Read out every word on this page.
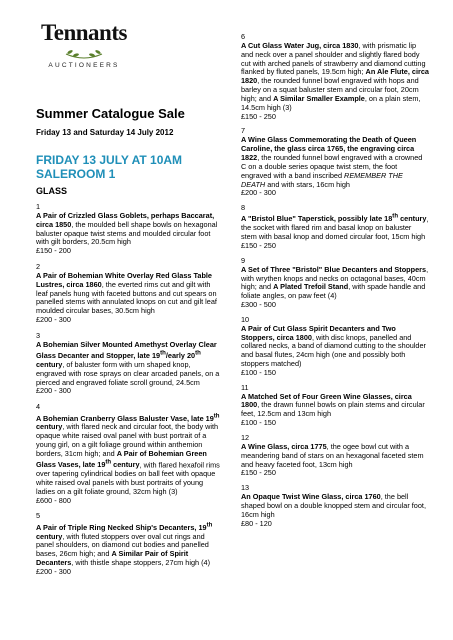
Tennants
AUCTIONEERS
Summer Catalogue Sale
Friday 13 and Saturday 14 July 2012
FRIDAY 13 JULY AT 10AM
SALEROOM 1
GLASS
1
A Pair of Crizzled Glass Goblets, perhaps Baccarat, circa 1850, the moulded bell shape bowls on hexagonal baluster opaque twist stems and moulded circular foot with gilt borders, 20.5cm high
£150 - 200
2
A Pair of Bohemian White Overlay Red Glass Table Lustres, circa 1860, the everted rims cut and gilt with leaf panels hung with faceted buttons and cut spears on panelled stems with annulated knops on cut and gilt leaf moulded circular bases, 30.5cm high
£200 - 300
3
A Bohemian Silver Mounted Amethyst Overlay Clear Glass Decanter and Stopper, late 19th/early 20th century, of baluster form with urn shaped knop, engraved with rose sprays on clear arcaded panels, on a pierced and engraved foliate scroll ground, 24.5cm
£200 - 300
4
A Bohemian Cranberry Glass Baluster Vase, late 19th century, with flared neck and circular foot, the body with opaque white raised oval panel with bust portrait of a young girl, on a gilt foliage ground within anthemion borders, 31cm high; and A Pair of Bohemian Green Glass Vases, late 19th century, with flared hexafoil rims over tapering cylindrical bodies on ball feet with opaque white raised oval panels with bust portraits of young ladies on a gilt foliate ground, 32cm high (3)
£600 - 800
5
A Pair of Triple Ring Necked Ship's Decanters, 19th century, with fluted stoppers over oval cut rings and panel shoulders, on diamond cut bodies and panelled bases, 26cm high; and A Similar Pair of Spirit Decanters, with thistle shape stoppers, 27cm high (4)
£200 - 300
6
A Cut Glass Water Jug, circa 1830, with prismatic lip and neck over a panel shoulder and slightly flared body cut with arched panels of strawberry and diamond cutting flanked by fluted panels, 19.5cm high; An Ale Flute, circa 1820, the rounded funnel bowl engraved with hops and barley on a squat baluster stem and circular foot, 20cm high; and A Similar Smaller Example, on a plain stem, 14.5cm high (3)
£150 - 250
7
A Wine Glass Commemorating the Death of Queen Caroline, the glass circa 1765, the engraving circa 1822, the rounded funnel bowl engraved with a crowned C on a double series opaque twist stem, the foot engraved with a band inscribed REMEMBER THE DEATH and with stars, 16cm high
£200 - 300
8
A "Bristol Blue" Taperstick, possibly late 18th century, the socket with flared rim and basal knop on baluster stem with basal knop and domed circular foot, 15cm high
£150 - 250
9
A Set of Three "Bristol" Blue Decanters and Stoppers, with wrythen knops and necks on octagonal bases, 40cm high; and A Plated Trefoil Stand, with spade handle and foliate angles, on paw feet (4)
£300 - 500
10
A Pair of Cut Glass Spirit Decanters and Two Stoppers, circa 1800, with disc knops, panelled and collared necks, a band of diamond cutting to the shoulder and basal flutes, 24cm high (one and possibly both stoppers matched)
£100 - 150
11
A Matched Set of Four Green Wine Glasses, circa 1800, the drawn funnel bowls on plain stems and circular feet, 12.5cm and 13cm high
£100 - 150
12
A Wine Glass, circa 1775, the ogee bowl cut with a meandering band of stars on an hexagonal faceted stem and heavy faceted foot, 13cm high
£150 - 250
13
An Opaque Twist Wine Glass, circa 1760, the bell shaped bowl on a double knopped stem and circular foot, 16cm high
£80 - 120
